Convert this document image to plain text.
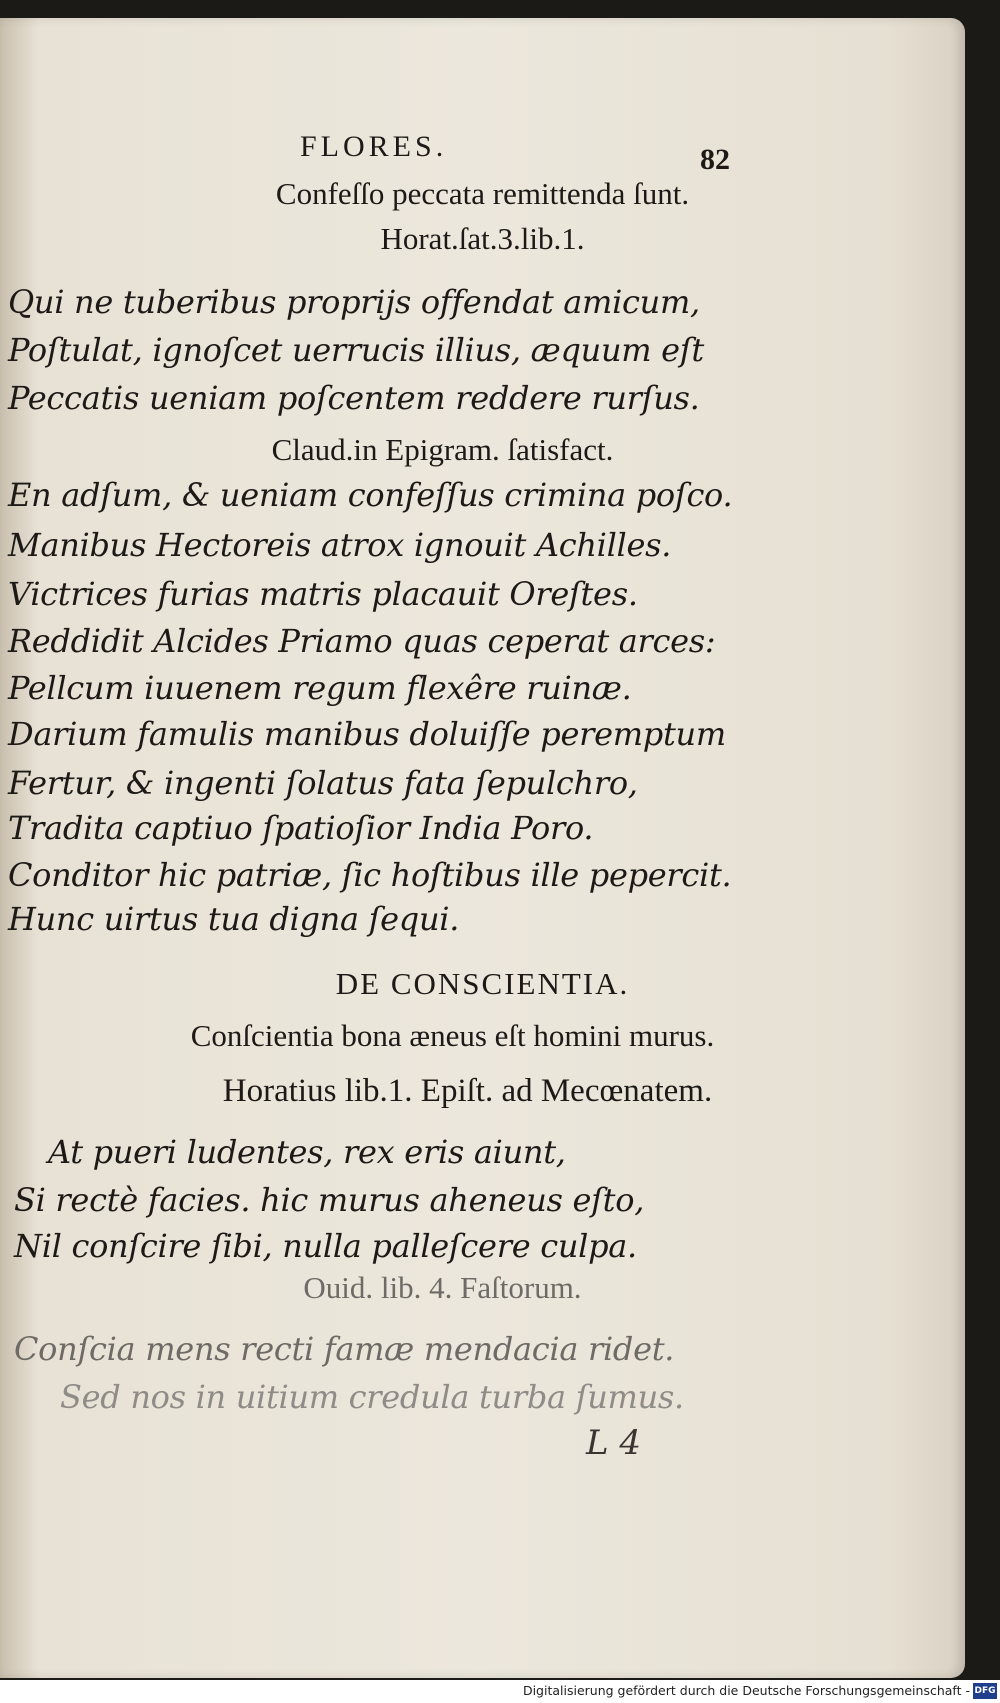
FLORES.	82
Confeſſo peccata remittenda ſunt.
Horat.ſat.3.lib.1.
Qui ne tuberibus proprijs offendat amicum,
Poſtulat, ignoſcet uerrucis illius, æquum eſt
Peccatis ueniam poſcentem reddere rurſus.
Claud.in Epigram. ſatisfact.
En adſum, & ueniam confeſſus crimina poſco.
Manibus Hectoreis atrox ignouit Achilles.
Victrices furias matris placauit Oreſtes.
Reddidit Alcides Priamo quas ceperat arces:
Pellcum iuuenem regum flexêre ruinæ.
Darium famulis manibus doluiſſe peremptum
Fertur, & ingenti ſolatus fata ſepulchro,
Tradita captiuo ſpatioſior India Poro.
Conditor hic patriæ, ſic hoſtibus ille pepercit.
Hunc uirtus tua digna ſequi.
DE CONSCIENTIA.
Conſcientia bona æneus eſt homini murus.
Horatius lib.1. Epiſt. ad Mecœnatem.
At pueri ludentes, rex eris aiunt,
Si rectè facies. hic murus aheneus eſto,
Nil conſcire ſibi, nulla palleſcere culpa.
Ouid. lib. 4. Faſtorum.
Conſcia mens recti famæ mendacia ridet.
Sed nos in uitium credula turba ſumus.
L 4
Digitalisierung gefördert durch die Deutsche Forschungsgemeinschaft - DFG
